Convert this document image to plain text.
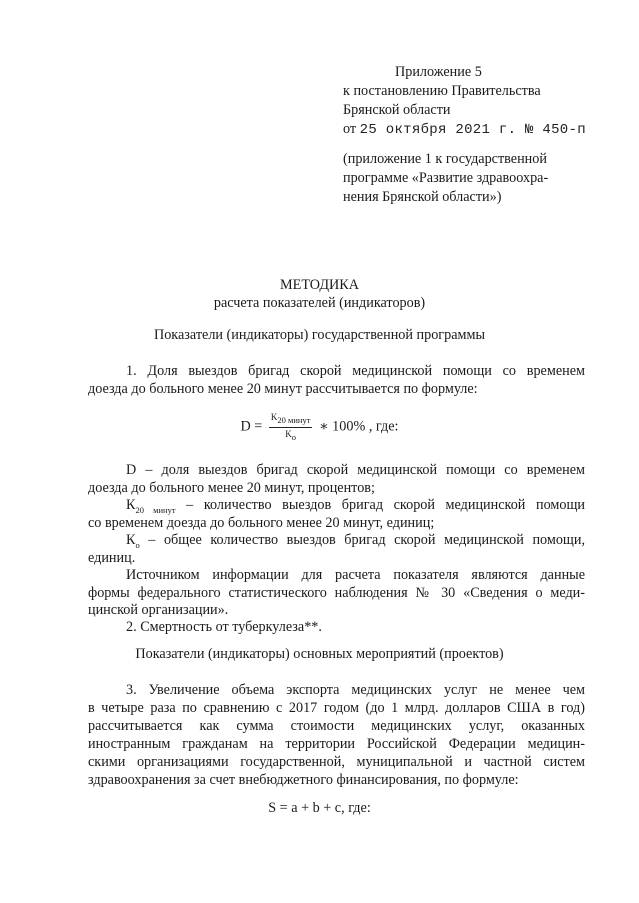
Приложение 5
к постановлению Правительства
Брянской области
от 25 октября 2021 г. № 450-п
(приложение 1 к государственной
программе «Развитие здравоохра-
нения Брянской области»)
МЕТОДИКА
расчета показателей (индикаторов)
Показатели (индикаторы) государственной программы
1. Доля выездов бригад скорой медицинской помощи со временем
доезда до больного менее 20 минут рассчитывается по формуле:
$D = \frac{K_{20 минут}}{K_o}$ ∗ 100% , где:
D – доля выездов бригад скорой медицинской помощи со временем
доезда до больного менее 20 минут, процентов;
$К_{20 минут}$ – количество выездов бригад скорой медицинской помощи
со временем доезда до больного менее 20 минут, единиц;
$К_о$ – общее количество выездов бригад скорой медицинской помощи,
единиц.
Источником информации для расчета показателя являются данные
формы федерального статистического наблюдения № 30 «Сведения о меди-
цинской организации».
2. Смертность от туберкулеза**.
Показатели (индикаторы) основных мероприятий (проектов)
3. Увеличение объема экспорта медицинских услуг не менее чем
в четыре раза по сравнению с 2017 годом (до 1 млрд. долларов США в год)
рассчитывается как сумма стоимости медицинских услуг, оказанных
иностранным гражданам на территории Российской Федерации медицин-
скими организациями государственной, муниципальной и частной систем
здравоохранения за счет внебюджетного финансирования, по формуле:
S = a + b + c, где:
